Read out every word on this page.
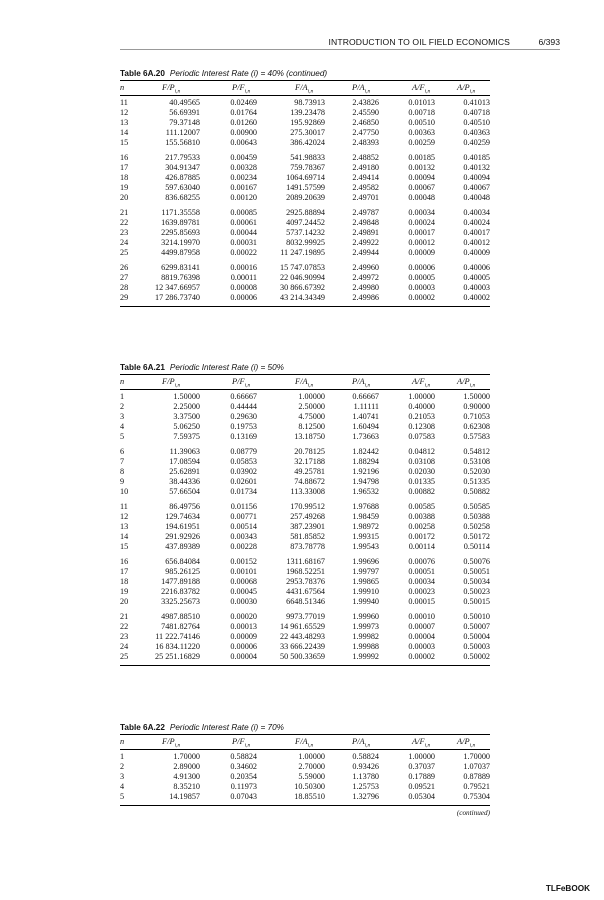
INTRODUCTION TO OIL FIELD ECONOMICS	6/393
Table 6A.20 Periodic Interest Rate (i) = 40% (continued)
n	$F/P_{i,n}$	$P/F_{i,n}$	$F/A_{i,n}$	$P/A_{i,n}$	$A/F_{i,n}$	$A/P_{i,n}$
11	40.49565	0.02469	98.73913	2.43826	0.01013	0.41013
12	56.69391	0.01764	139.23478	2.45590	0.00718	0.40718
13	79.37148	0.01260	195.92869	2.46850	0.00510	0.40510
14	111.12007	0.00900	275.30017	2.47750	0.00363	0.40363
15	155.56810	0.00643	386.42024	2.48393	0.00259	0.40259
16	217.79533	0.00459	541.98833	2.48852	0.00185	0.40185
17	304.91347	0.00328	759.78367	2.49180	0.00132	0.40132
18	426.87885	0.00234	1064.69714	2.49414	0.00094	0.40094
19	597.63040	0.00167	1491.57599	2.49582	0.00067	0.40067
20	836.68255	0.00120	2089.20639	2.49701	0.00048	0.40048
21	1171.35558	0.00085	2925.88894	2.49787	0.00034	0.40034
22	1639.89781	0.00061	4097.24452	2.49848	0.00024	0.40024
23	2295.85693	0.00044	5737.14232	2.49891	0.00017	0.40017
24	3214.19970	0.00031	8032.99925	2.49922	0.00012	0.40012
25	4499.87958	0.00022	11 247.19895	2.49944	0.00009	0.40009
26	6299.83141	0.00016	15 747.07853	2.49960	0.00006	0.40006
27	8819.76398	0.00011	22 046.90994	2.49972	0.00005	0.40005
28	12 347.66957	0.00008	30 866.67392	2.49980	0.00003	0.40003
29	17 286.73740	0.00006	43 214.34349	2.49986	0.00002	0.40002
Table 6A.21 Periodic Interest Rate (i) = 50%
n	$F/P_{i,n}$	$P/F_{i,n}$	$F/A_{i,n}$	$P/A_{i,n}$	$A/F_{i,n}$	$A/P_{i,n}$
1	1.50000	0.66667	1.00000	0.66667	1.00000	1.50000
2	2.25000	0.44444	2.50000	1.11111	0.40000	0.90000
3	3.37500	0.29630	4.75000	1.40741	0.21053	0.71053
4	5.06250	0.19753	8.12500	1.60494	0.12308	0.62308
5	7.59375	0.13169	13.18750	1.73663	0.07583	0.57583
6	11.39063	0.08779	20.78125	1.82442	0.04812	0.54812
7	17.08594	0.05853	32.17188	1.88294	0.03108	0.53108
8	25.62891	0.03902	49.25781	1.92196	0.02030	0.52030
9	38.44336	0.02601	74.88672	1.94798	0.01335	0.51335
10	57.66504	0.01734	113.33008	1.96532	0.00882	0.50882
11	86.49756	0.01156	170.99512	1.97688	0.00585	0.50585
12	129.74634	0.00771	257.49268	1.98459	0.00388	0.50388
13	194.61951	0.00514	387.23901	1.98972	0.00258	0.50258
14	291.92926	0.00343	581.85852	1.99315	0.00172	0.50172
15	437.89389	0.00228	873.78778	1.99543	0.00114	0.50114
16	656.84084	0.00152	1311.68167	1.99696	0.00076	0.50076
17	985.26125	0.00101	1968.52251	1.99797	0.00051	0.50051
18	1477.89188	0.00068	2953.78376	1.99865	0.00034	0.50034
19	2216.83782	0.00045	4431.67564	1.99910	0.00023	0.50023
20	3325.25673	0.00030	6648.51346	1.99940	0.00015	0.50015
21	4987.88510	0.00020	9973.77019	1.99960	0.00010	0.50010
22	7481.82764	0.00013	14 961.65529	1.99973	0.00007	0.50007
23	11 222.74146	0.00009	22 443.48293	1.99982	0.00004	0.50004
24	16 834.11220	0.00006	33 666.22439	1.99988	0.00003	0.50003
25	25 251.16829	0.00004	50 500.33659	1.99992	0.00002	0.50002
Table 6A.22 Periodic Interest Rate (i) = 70%
n	$F/P_{i,n}$	$P/F_{i,n}$	$F/A_{i,n}$	$P/A_{i,n}$	$A/F_{i,n}$	$A/P_{i,n}$
1	1.70000	0.58824	1.00000	0.58824	1.00000	1.70000
2	2.89000	0.34602	2.70000	0.93426	0.37037	1.07037
3	4.91300	0.20354	5.59000	1.13780	0.17889	0.87889
4	8.35210	0.11973	10.50300	1.25753	0.09521	0.79521
5	14.19857	0.07043	18.85510	1.32796	0.05304	0.75304
(continued)
TLFeBOOK
